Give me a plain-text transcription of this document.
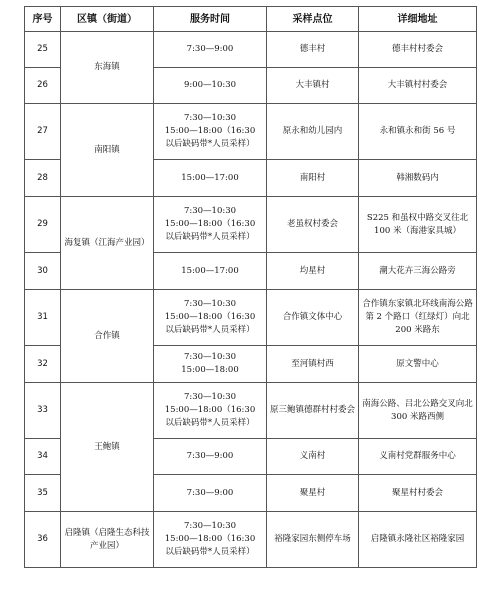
序号	区镇（街道）	服务时间	采样点位	详细地址
25	东海镇	7:30—9:00	德丰村	德丰村村委会
26		9:00—10:30	大丰镇村	大丰镇村村委会
27	南阳镇	7:30—10:30
15:00—18:00（16:30
以后缺码带*人员采样）	原永和幼儿园内	永和镇永和街 56 号
28		15:00—17:00	南阳村	韩湘数码内
29	海复镇（江海产业园）	7:30—10:30
15:00—18:00（16:30
以后缺码带*人员采样）	老虽权村委会	S225 和虽权中路交叉往北 100 米（海港家具城）
30		15:00—17:00	均星村	潮大花卉三海公路旁
31	合作镇	7:30—10:30
15:00—18:00（16:30
以后缺码带*人员采样）	合作镇文体中心	合作镇东家镇北环线南海公路第 2 个路口（红绿灯）向北 200 米路东
32		7:30—10:30
15:00—18:00	至河镇村西	原文警中心
33	王鲍镇	7:30—10:30
15:00—18:00（16:30
以后缺码带*人员采样）	原三鲍镇德群村村委会	南海公路、吕北公路交叉向北 300 米路西侧
34		7:30—9:00	义南村	义南村党群服务中心
35		7:30—9:00	聚星村	聚星村村委会
36	启隆镇（启隆生态科技产业园）	7:30—10:30
15:00—18:00（16:30
以后缺码带*人员采样）	裕隆家园东侧停车场	启隆镇永隆社区裕隆家园
